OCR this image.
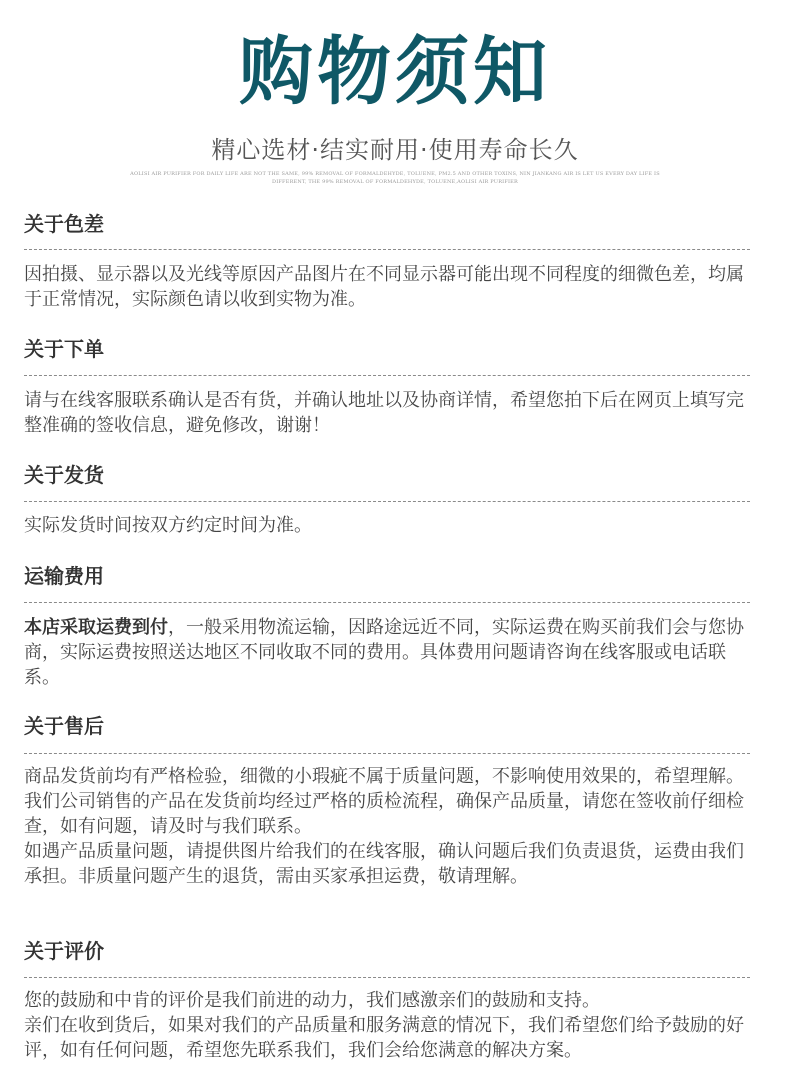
购物须知
精心选材·结实耐用·使用寿命长久
AOLISI AIR PURIFIER FOR DAILY LIFE ARE NOT THE SAME, 99% REMOVAL OF FORMALDEHYDE, TOLUENE, PM2.5 AND OTHER TOXINS, NIN JIANKANG AIR IS LET US EVERY DAY LIFE IS
DIFFERENT, THE 99% REMOVAL OF FORMALDEHYDE, TOLUENE,AOLISI AIR PURIFIER
关于色差

因拍摄、显示器以及光线等原因产品图片在不同显示器可能出现不同程度的细微色差，均属于正常情况，实际颜色请以收到实物为准。

关于下单

请与在线客服联系确认是否有货，并确认地址以及协商详情，希望您拍下后在网页上填写完整准确的签收信息，避免修改，谢谢！

关于发货

实际发货时间按双方约定时间为准。

运输费用

本店采取运费到付，一般采用物流运输，因路途远近不同，实际运费在购买前我们会与您协商，实际运费按照送达地区不同收取不同的费用。具体费用问题请咨询在线客服或电话联系。

关于售后

商品发货前均有严格检验，细微的小瑕疵不属于质量问题，不影响使用效果的，希望理解。

我们公司销售的产品在发货前均经过严格的质检流程，确保产品质量，请您在签收前仔细检查，如有问题，请及时与我们联系。

如遇产品质量问题，请提供图片给我们的在线客服，确认问题后我们负责退货，运费由我们承担。非质量问题产生的退货，需由买家承担运费，敬请理解。

关于评价

您的鼓励和中肯的评价是我们前进的动力，我们感激亲们的鼓励和支持。

亲们在收到货后，如果对我们的产品质量和服务满意的情况下，我们希望您们给予鼓励的好评，如有任何问题，希望您先联系我们，我们会给您满意的解决方案。
